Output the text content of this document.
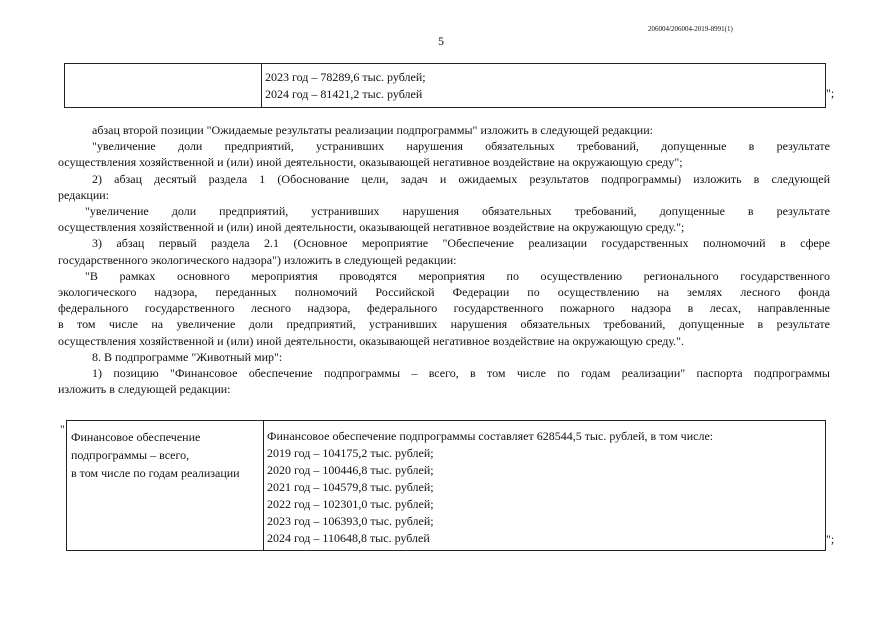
206004/206004-2019-8991(1)
5
2023 год – 78289,6 тыс. рублей;
2024 год – 81421,2 тыс. рублей	";

абзац второй позиции "Ожидаемые результаты реализации подпрограммы" изложить в следующей редакции:

"увеличение доли предприятий, устранивших нарушения обязательных требований, допущенные в результате

осуществления хозяйственной и (или) иной деятельности, оказывающей негативное воздействие на окружающую среду";

2) абзац десятый раздела 1 (Обоснование цели, задач и ожидаемых результатов подпрограммы) изложить в следующей

редакции:

"увеличение доли предприятий, устранивших нарушения обязательных требований, допущенные в результате

осуществления хозяйственной и (или) иной деятельности, оказывающей негативное воздействие на окружающую среду.";

3) абзац первый раздела 2.1 (Основное мероприятие "Обеспечение реализации государственных полномочий в сфере

государственного экологического надзора") изложить в следующей редакции:

"В рамках основного мероприятия проводятся мероприятия по осуществлению регионального государственного

экологического надзора, переданных полномочий Российской Федерации по осуществлению на землях лесного фонда

федерального государственного лесного надзора, федерального государственного пожарного надзора в лесах, направленные

в том числе на увеличение доли предприятий, устранивших нарушения обязательных требований, допущенные в результате

осуществления хозяйственной и (или) иной деятельности, оказывающей негативное воздействие на окружающую среду.".

8. В подпрограмме "Животный мир":

1) позицию "Финансовое обеспечение подпрограммы – всего, в том числе по годам реализации" паспорта подпрограммы

изложить в следующей редакции:

"
Финансовое обеспечение
подпрограммы – всего,
в том числе по годам реализации
Финансовое обеспечение подпрограммы составляет 628544,5 тыс. рублей, в том числе:
2019 год – 104175,2 тыс. рублей;
2020 год – 100446,8 тыс. рублей;
2021 год – 104579,8 тыс. рублей;
2022 год – 102301,0 тыс. рублей;
2023 год – 106393,0 тыс. рублей;
2024 год – 110648,8 тыс. рублей	";
